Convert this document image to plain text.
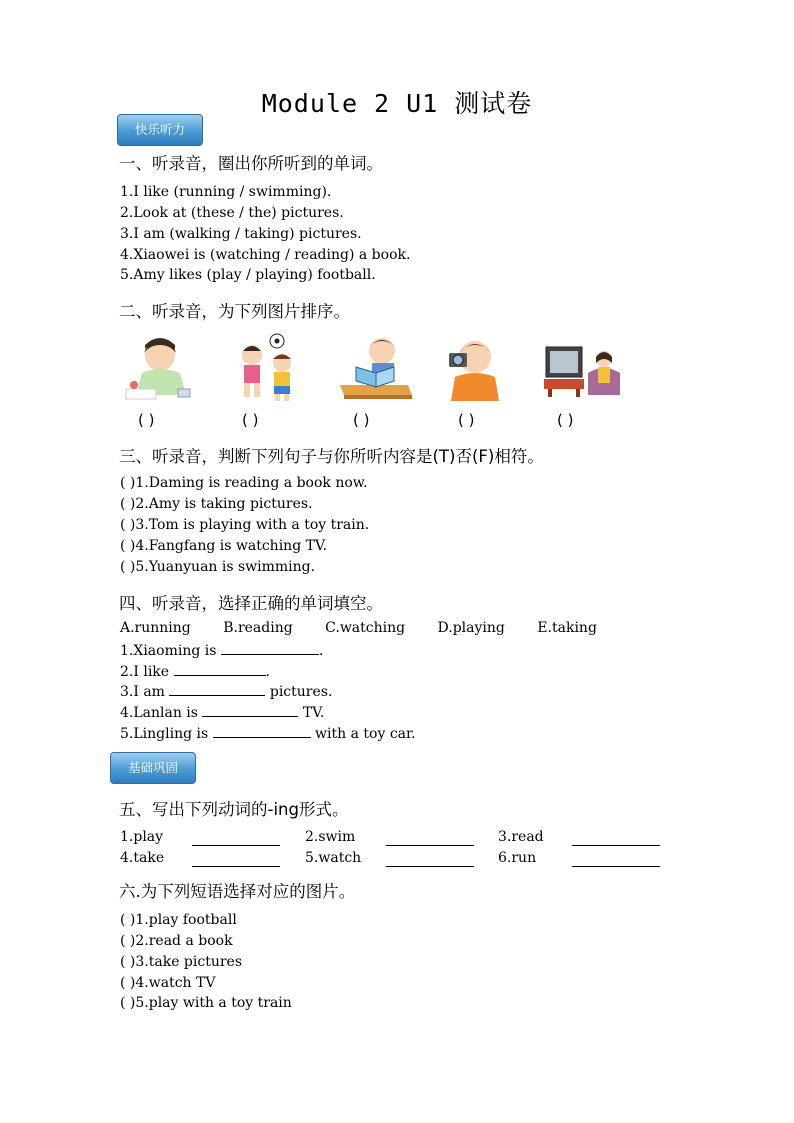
Module 2 U1 测试卷
快乐听力
一、听录音，圈出你所听到的单词。
1.I like (running / swimming).
2.Look at (these / the) pictures.
3.I am (walking / taking) pictures.
4.Xiaowei is (watching / reading) a book.
5.Amy likes (play / playing) football.
二、听录音，为下列图片排序。
( )	( )	( )	( )	( )
三、听录音，判断下列句子与你所听内容是(T)否(F)相符。
( )1.Daming is reading a book now.
( )2.Amy is taking pictures.
( )3.Tom is playing with a toy train.
( )4.Fangfang is watching TV.
( )5.Yuanyuan is swimming.
四、听录音，选择正确的单词填空。
A.running B.reading C.watching D.playing E.taking
1.Xiaoming is	.
2.I like	.
3.I am	pictures.
4.Lanlan is	TV.
5.Lingling is	with a toy car.
基础巩固
五、写出下列动词的-ing形式。
1.play	2.swim	3.read
4.take	5.watch	6.run
六.为下列短语选择对应的图片。
( )1.play football
( )2.read a book
( )3.take pictures
( )4.watch TV
( )5.play with a toy train
